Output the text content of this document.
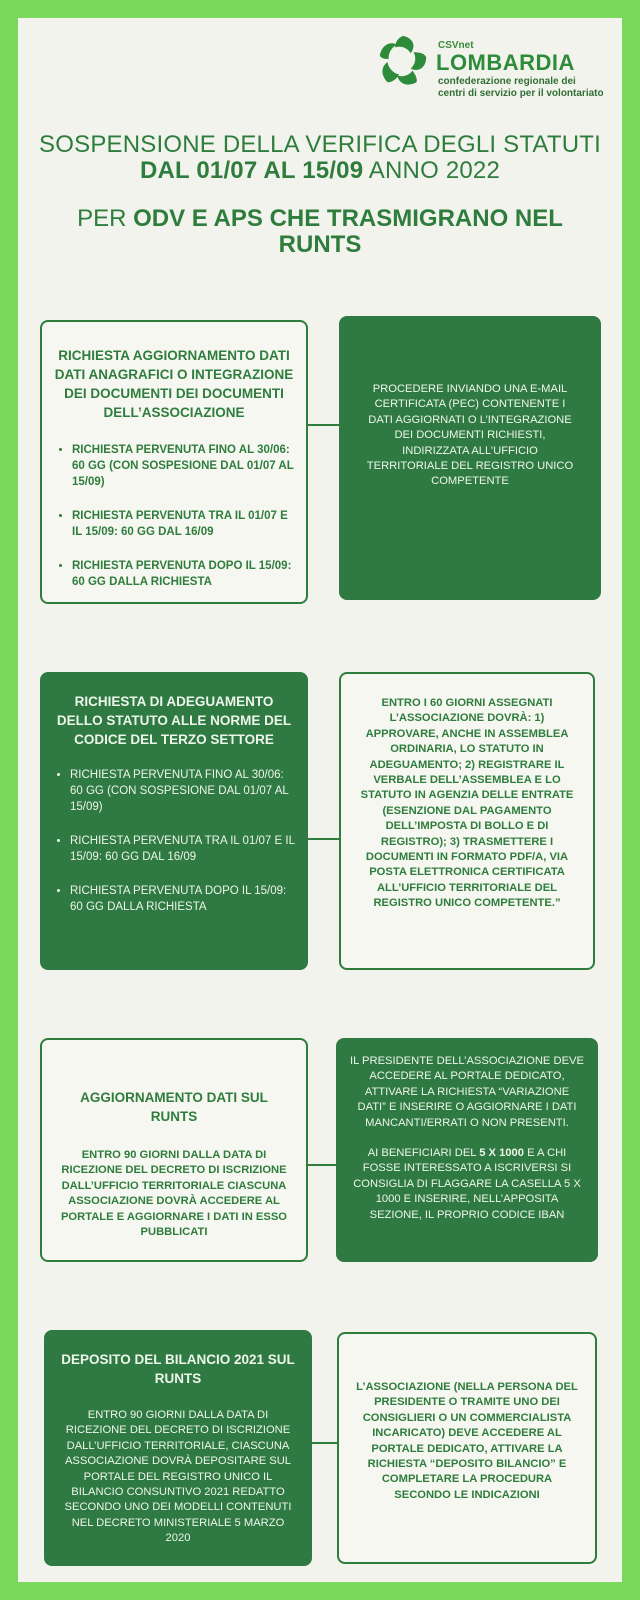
CSVnet
LOMBARDIA
confederazione regionale dei
centri di servizio per il volontariato
SOSPENSIONE DELLA VERIFICA DEGLI STATUTI
DAL 01/07 AL 15/09 ANNO 2022
PER ODV E APS CHE TRASMIGRANO NEL
RUNTS
RICHIESTA AGGIORNAMENTO DATI DATI ANAGRAFICI O INTEGRAZIONE DEI DOCUMENTI DEI DOCUMENTI DELL’ASSOCIAZIONE
• RICHIESTA PERVENUTA FINO AL 30/06: 60 GG (CON SOSPESIONE DAL 01/07 AL 15/09)
• RICHIESTA PERVENUTA TRA IL 01/07 E IL 15/09: 60 GG DAL 16/09
• RICHIESTA PERVENUTA DOPO IL 15/09: 60 GG DALLA RICHIESTA
PROCEDERE INVIANDO UNA E-MAIL CERTIFICATA (PEC) CONTENENTE I DATI AGGIORNATI O L’INTEGRAZIONE DEI DOCUMENTI RICHIESTI, INDIRIZZATA ALL’UFFICIO TERRITORIALE DEL REGISTRO UNICO COMPETENTE
RICHIESTA DI ADEGUAMENTO DELLO STATUTO ALLE NORME DEL CODICE DEL TERZO SETTORE
• RICHIESTA PERVENUTA FINO AL 30/06: 60 GG (CON SOSPESIONE DAL 01/07 AL 15/09)
• RICHIESTA PERVENUTA TRA IL 01/07 E IL 15/09: 60 GG DAL 16/09
• RICHIESTA PERVENUTA DOPO IL 15/09: 60 GG DALLA RICHIESTA
ENTRO I 60 GIORNI ASSEGNATI L’ASSOCIAZIONE DOVRÀ: 1) APPROVARE, ANCHE IN ASSEMBLEA ORDINARIA, LO STATUTO IN ADEGUAMENTO; 2) REGISTRARE IL VERBALE DELL’ASSEMBLEA E LO STATUTO IN AGENZIA DELLE ENTRATE (ESENZIONE DAL PAGAMENTO DELL’IMPOSTA DI BOLLO E DI REGISTRO); 3) TRASMETTERE I DOCUMENTI IN FORMATO PDF/A, VIA POSTA ELETTRONICA CERTIFICATA ALL’UFFICIO TERRITORIALE DEL REGISTRO UNICO COMPETENTE.”
AGGIORNAMENTO DATI SUL RUNTS
ENTRO 90 GIORNI DALLA DATA DI RICEZIONE DEL DECRETO DI ISCRIZIONE DALL’UFFICIO TERRITORIALE CIASCUNA ASSOCIAZIONE DOVRÀ ACCEDERE AL PORTALE E AGGIORNARE I DATI IN ESSO PUBBLICATI

IL PRESIDENTE DELL’ASSOCIAZIONE DEVE ACCEDERE AL PORTALE DEDICATO, ATTIVARE LA RICHIESTA “VARIAZIONE DATI” E INSERIRE O AGGIORNARE I DATI MANCANTI/ERRATI O NON PRESENTI.

AI BENEFICIARI DEL 5 X 1000 E A CHI FOSSE INTERESSATO A ISCRIVERSI SI CONSIGLIA DI FLAGGARE LA CASELLA 5 X 1000 E INSERIRE, NELL’APPOSITA SEZIONE, IL PROPRIO CODICE IBAN

DEPOSITO DEL BILANCIO 2021 SUL RUNTS
ENTRO 90 GIORNI DALLA DATA DI RICEZIONE DEL DECRETO DI ISCRIZIONE DALL’UFFICIO TERRITORIALE, CIASCUNA ASSOCIAZIONE DOVRÀ DEPOSITARE SUL PORTALE DEL REGISTRO UNICO IL BILANCIO CONSUNTIVO 2021 REDATTO SECONDO UNO DEI MODELLI CONTENUTI NEL DECRETO MINISTERIALE 5 MARZO 2020
L’ASSOCIAZIONE (NELLA PERSONA DEL PRESIDENTE O TRAMITE UNO DEI CONSIGLIERI O UN COMMERCIALISTA INCARICATO) DEVE ACCEDERE AL PORTALE DEDICATO, ATTIVARE LA RICHIESTA “DEPOSITO BILANCIO” E COMPLETARE LA PROCEDURA SECONDO LE INDICAZIONI
